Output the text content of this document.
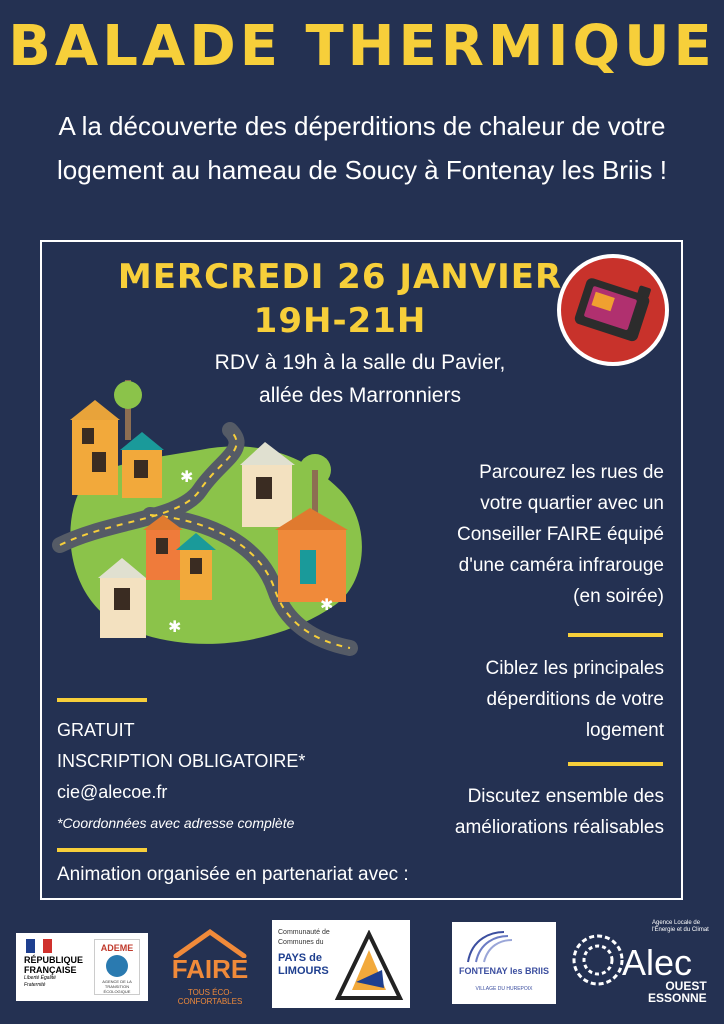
BALADE THERMIQUE
A la découverte des déperditions de chaleur de votre logement au hameau de Soucy à Fontenay les Briis !
MERCREDI 26 JANVIER
19H-21H
RDV à 19h à la salle du Pavier,
allée des Marronniers
✱
✱
✱
Parcourez les rues de
votre quartier avec un
Conseiller FAIRE équipé
d'une caméra infrarouge
(en soirée)
Ciblez les principales
déperditions de votre
logement
Discutez ensemble des
améliorations réalisables
GRATUIT
INSCRIPTION OBLIGATOIRE*
cie@alecoe.fr
*Coordonnées avec adresse complète
Animation organisée en partenariat avec :
RÉPUBLIQUE
FRANÇAISE
Liberté Égalité Fraternité
ADEME
AGENCE DE LA TRANSITION ÉCOLOGIQUE
FAIRE
TOUS ÉCO-CONFORTABLES
Communauté de
Communes du
PAYS de
LIMOURS	FONTENAY les BRIIS
VILLAGE DU HUREPOIX
Agence Locale de l'Énergie et du Climat
Alec
OUEST
ESSONNE
